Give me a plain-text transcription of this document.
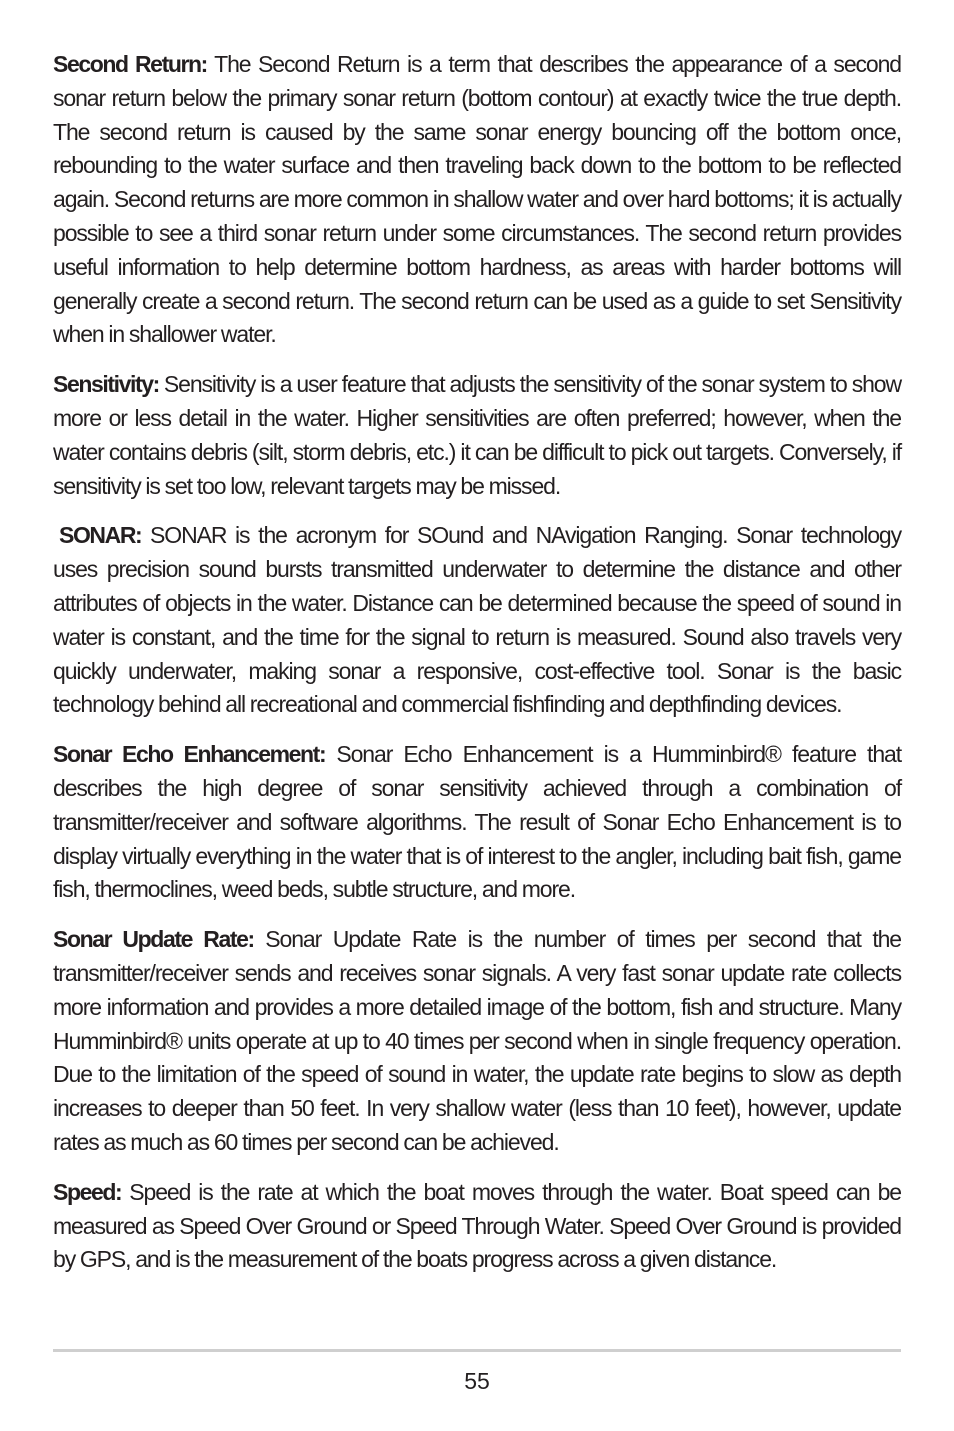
Second Return: The Second Return is a term that describes the appearance of a second sonar return below the primary sonar return (bottom contour) at exactly twice the true depth. The second return is caused by the same sonar energy bouncing off the bottom once, rebounding to the water surface and then traveling back down to the bottom to be reflected again. Second returns are more common in shallow water and over hard bottoms; it is actually possible to see a third sonar return under some circumstances. The second return provides useful information to help determine bottom hardness, as areas with harder bottoms will generally create a second return. The second return can be used as a guide to set Sensitivity when in shallower water.

Sensitivity: Sensitivity is a user feature that adjusts the sensitivity of the sonar system to show more or less detail in the water. Higher sensitivities are often preferred; however, when the water contains debris (silt, storm debris, etc.) it can be difficult to pick out targets. Conversely, if sensitivity is set too low, relevant targets may be missed.

SONAR: SONAR is the acronym for SOund and NAvigation Ranging. Sonar technology uses precision sound bursts transmitted underwater to determine the distance and other attributes of objects in the water. Distance can be determined because the speed of sound in water is constant, and the time for the signal to return is measured. Sound also travels very quickly underwater, making sonar a responsive, cost-effective tool. Sonar is the basic technology behind all recreational and commercial fishfinding and depthfinding devices.

Sonar Echo Enhancement: Sonar Echo Enhancement is a Humminbird® feature that describes the high degree of sonar sensitivity achieved through a combination of transmitter/receiver and software algorithms. The result of Sonar Echo Enhancement is to display virtually everything in the water that is of interest to the angler, including bait fish, game fish, thermoclines, weed beds, subtle structure, and more.

Sonar Update Rate: Sonar Update Rate is the number of times per second that the transmitter/receiver sends and receives sonar signals. A very fast sonar update rate collects more information and provides a more detailed image of the bottom, fish and structure. Many Humminbird® units operate at up to 40 times per second when in single frequency operation. Due to the limitation of the speed of sound in water, the update rate begins to slow as depth increases to deeper than 50 feet. In very shallow water (less than 10 feet), however, update rates as much as 60 times per second can be achieved.

Speed: Speed is the rate at which the boat moves through the water. Boat speed can be measured as Speed Over Ground or Speed Through Water. Speed Over Ground is provided by GPS, and is the measurement of the boats progress across a given distance.

55
